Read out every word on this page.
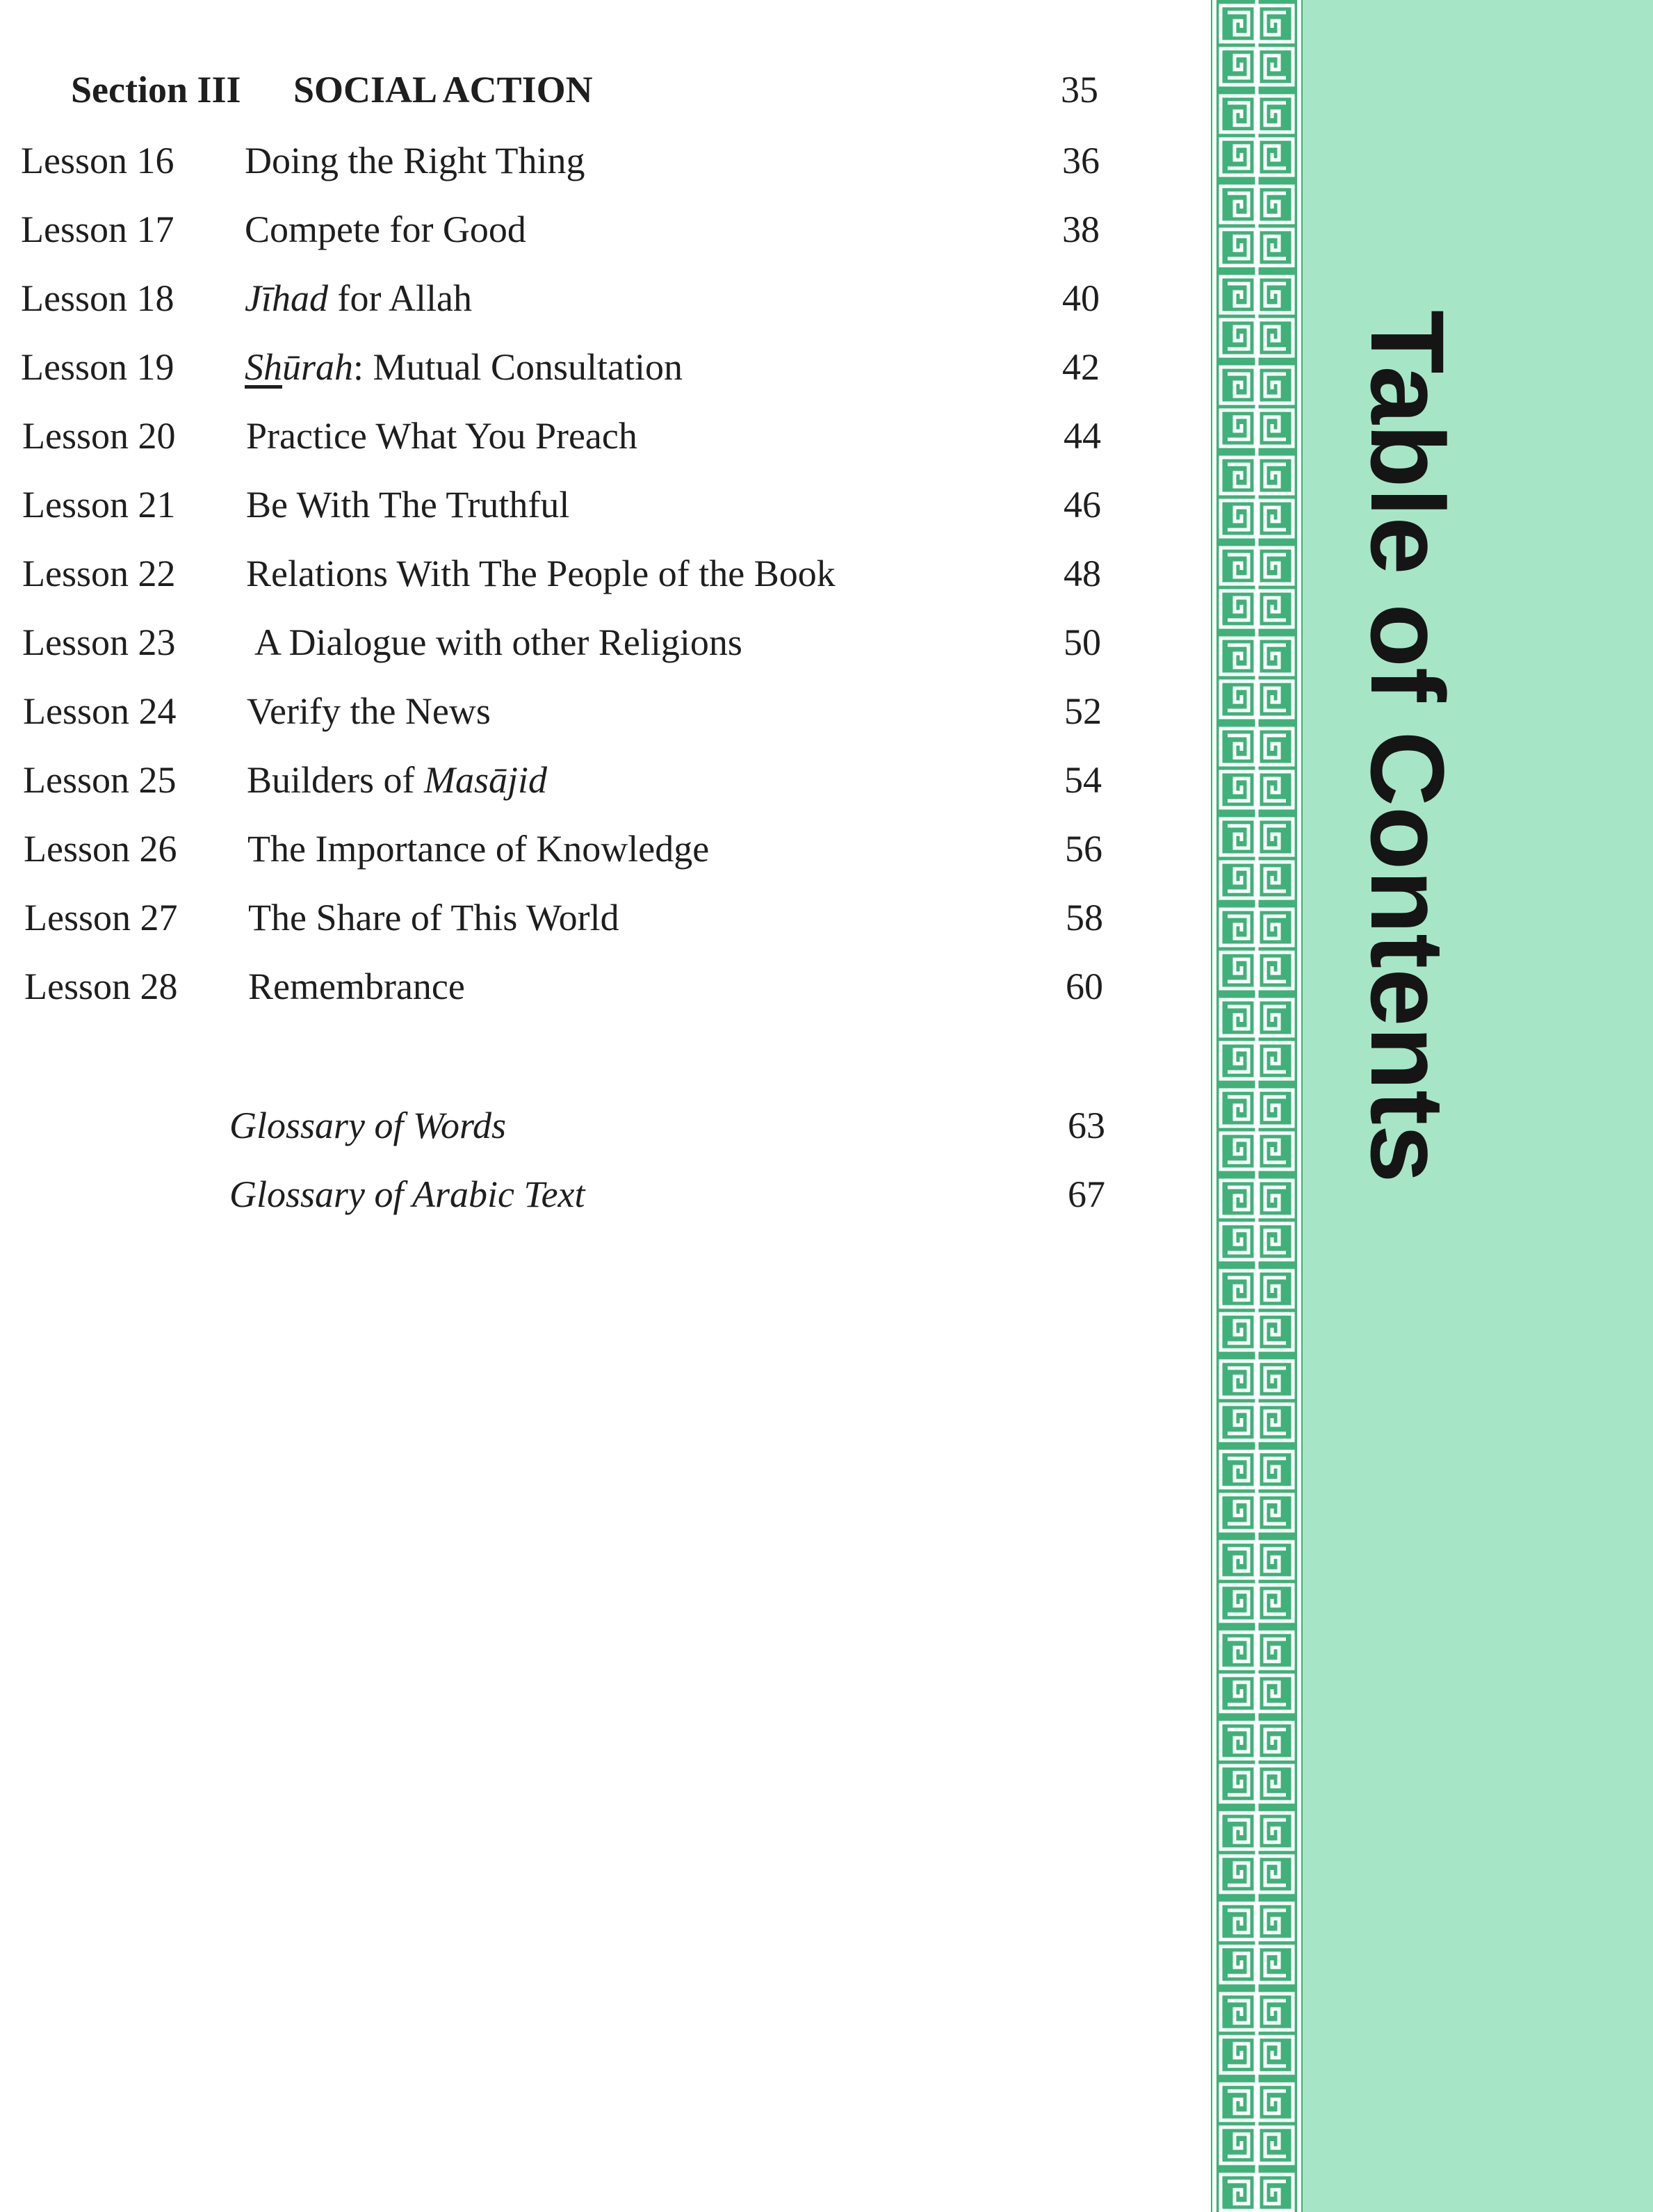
Section III SOCIAL ACTION	35
Lesson 16 Doing the Right Thing	36
Lesson 17 Compete for Good	38
Lesson 18 Jīhad for Allah	40
Lesson 19 Shūrah: Mutual Consultation	42
Lesson 20 Practice What You Preach	44
Lesson 21 Be With The Truthful	46
Lesson 22 Relations With The People of the Book	48
Lesson 23 A Dialogue with other Religions	50
Lesson 24 Verify the News	52
Lesson 25 Builders of Masājid	54
Lesson 26 The Importance of Knowledge	56
Lesson 27 The Share of This World	58
Lesson 28 Remembrance	60
Glossary of Words	63
Glossary of Arabic Text	67
Table of Contents
